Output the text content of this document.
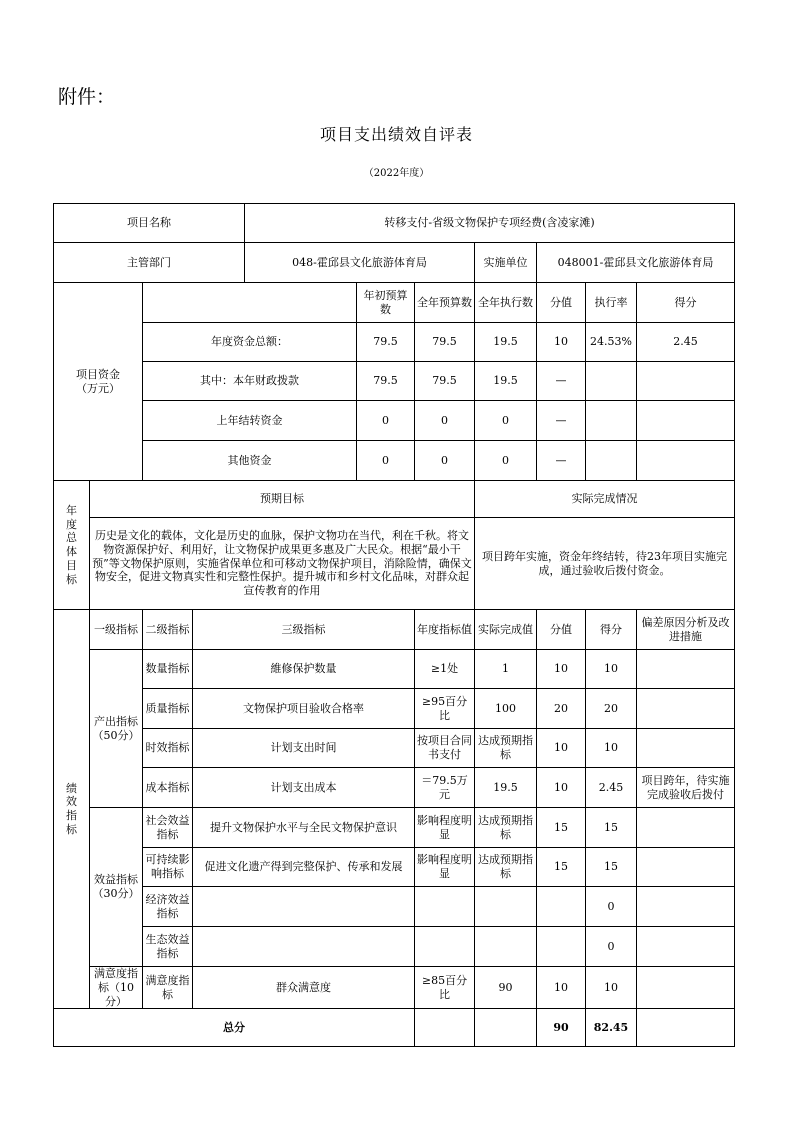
附件：
项目支出绩效自评表
（2022年度）
项目名称				转移支付-省级文物保护专项经费(含凌家滩)						
主管部门				048-霍邱县文化旅游体育局			实施单位	048001-霍邱县文化旅游体育局		
项目资金
（万元）					年初预算数	全年预算数	全年执行数	分值	执行率	得分
		年度资金总额：			79.5	79.5	19.5	10	24.53%	2.45
		其中：本年财政拨款			79.5	79.5	19.5	—		
		上年结转资金			0	0	0	—		
		其他资金			0	0	0	—		
年度总体目标	预期目标						实际完成情况			
	历史是文化的载体，文化是历史的血脉，保护文物功在当代，利在千秋。将文物资源保护好、利用好，让文物保护成果更多惠及广大民众。根据“最小干预”等文物保护原则，实施省保单位和可移动文物保护项目，消除险情，确保文物安全，促进文物真实性和完整性保护。提升城市和乡村文化品味，对群众起宣传教育的作用						项目跨年实施，资金年终结转，待23年项目实施完成，通过验收后拨付资金。			
绩效指标	一级指标	二级指标	三级指标			年度指标值	实际完成值	分值	得分	偏差原因分析及改进措施
	产出指标
（50分）	数量指标	維修保护数量			≥1处	1	10	10	
		质量指标	文物保护项目验收合格率			≥95百分比	100	20	20	
		时效指标	计划支出时间			按项目合同书支付	达成预期指标	10	10	
		成本指标	计划支出成本			＝79.5万元	19.5	10	2.45	项目跨年，待实施完成验收后拨付

	效益指标
（30分）	社会效益指标	提升文物保护水平与全民文物保护意识			影响程度明显	达成预期指标	15	15	
		可持续影响指标	促进文化遗产得到完整保护、传承和发展			影响程度明显	达成预期指标	15	15	
		经济效益指标							0	
		生态效益指标							0	
	满意度指标（10分）	满意度指标	群众满意度			≥85百分比	90	10	10	
总分								90	82.45	
